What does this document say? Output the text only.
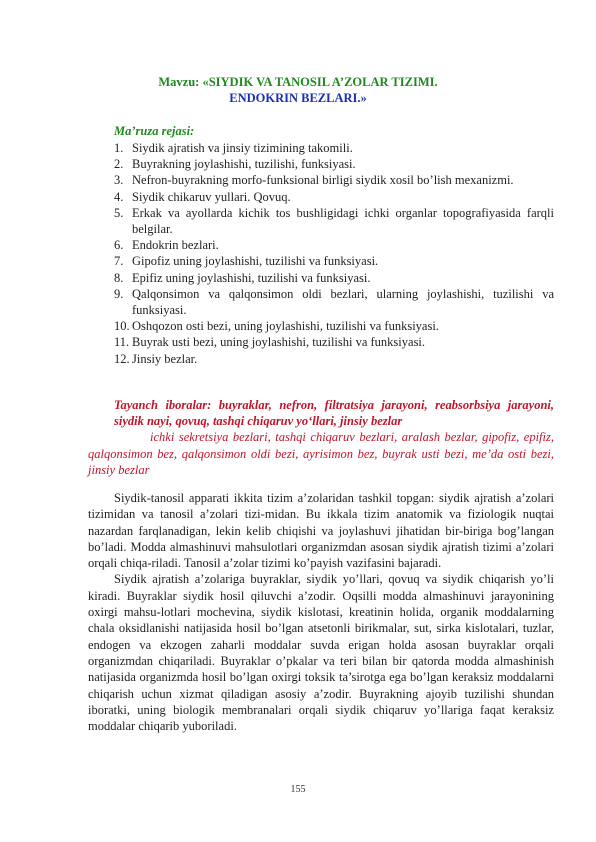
Mavzu: «SIYDIK VA TANOSIL A’ZOLAR TIZIMI.
ENDOKRIN BEZLARI.»
Ma’ruza rejasi:
1. Siydik ajratish va jinsiy tizimining takomili.
2. Buyrakning joylashishi, tuzilishi, funksiyasi.
3. Nefron-buyrakning morfo-funksional birligi siydik xosil bo’lish mexanizmi.
4. Siydik chikaruv yullari. Qovuq.
5. Erkak va ayollarda kichik tos bushligidagi ichki organlar topografiyasida farqli belgilar.
6. Endokrin bezlari.
7. Gipofiz uning joylashishi, tuzilishi va funksiyasi.
8. Epifiz uning joylashishi, tuzilishi va funksiyasi.
9. Qalqonsimon va qalqonsimon oldi bezlari, ularning joylashishi, tuzilishi va funksiyasi.
10. Oshqozon osti bezi, uning joylashishi, tuzilishi va funksiyasi.
11. Buyrak usti bezi, uning joylashishi, tuzilishi va funksiyasi.
12. Jinsiy bezlar.
Tayanch iboralar: buyraklar, nefron, filtratsiya jarayoni, reabsorbsiya jarayoni, siydik nayi, qovuq, tashqi chiqaruv yo‘llari, jinsiy bezlar
ichki sekretsiya bezlari, tashqi chiqaruv bezlari, aralash bezlar, gipofiz, epifiz, qalqonsimon bez, qalqonsimon oldi bezi, ayrisimon bez, buyrak usti bezi, me’da osti bezi, jinsiy bezlar

Siydik-tanosil apparati ikkita tizim a’zolaridan tashkil topgan: siydik ajratish a’zolari tizimidan va tanosil a’zolari tizi-midan. Bu ikkala tizim anatomik va fiziologik nuqtai nazardan farqlanadigan, lekin kelib chiqishi va joylashuvi jihatidan bir-biriga bog’langan bo’ladi. Modda almashinuvi mahsulotlari organizmdan asosan siydik ajratish tizimi a’zolari orqali chiqa-riladi. Tanosil a’zolar tizimi ko’payish vazifasini bajaradi.

Siydik ajratish a’zolariga buyraklar, siydik yo’llari, qovuq va siydik chiqarish yo’li kiradi. Buyraklar siydik hosil qiluvchi a’zodir. Oqsilli modda almashinuvi jarayonining oxirgi mahsu-lotlari mochevina, siydik kislotasi, kreatinin holida, organik moddalarning chala oksidlanishi natijasida hosil bo’lgan atsetonli birikmalar, sut, sirka kislotalari, tuzlar, endogen va ekzogen zaharli moddalar suvda erigan holda asosan buyraklar orqali organizmdan chiqariladi. Buyraklar o’pkalar va teri bilan bir qatorda modda almashinish natijasida organizmda hosil bo’lgan oxirgi toksik ta’sirotga ega bo’lgan keraksiz moddalarni chiqarish uchun xizmat qiladigan asosiy a’zodir. Buyrakning ajoyib tuzilishi shundan iboratki, uning biologik membranalari orqali siydik chiqaruv yo’llariga faqat keraksiz moddalar chiqarib yuboriladi.

155
